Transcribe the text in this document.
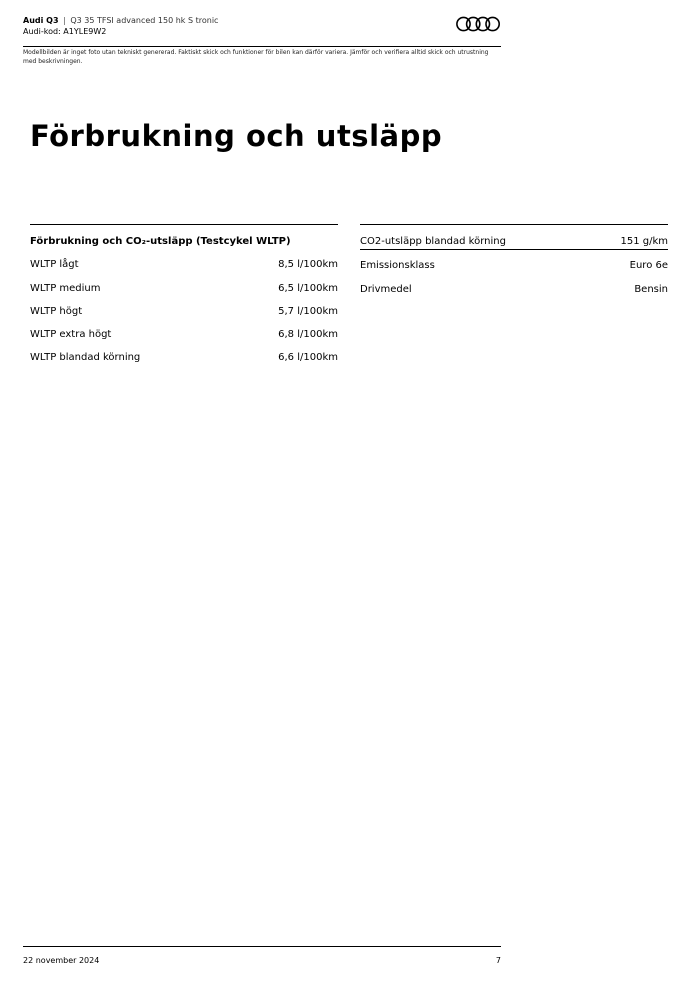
Audi Q3 | Q3 35 TFSI advanced 150 hk S tronic
Audi-kod: A1YLE9W2
Modellbilden är inget foto utan tekniskt genererad. Faktiskt skick och funktioner för bilen kan därför variera. Jämför och verifiera alltid skick och utrustning med beskrivningen.
Förbrukning och utsläpp
Förbrukning och CO₂-utsläpp (Testcykel WLTP)
WLTP lågt	8,5 l/100km
WLTP medium	6,5 l/100km
WLTP högt	5,7 l/100km
WLTP extra högt	6,8 l/100km
WLTP blandad körning	6,6 l/100km
CO2-utsläpp blandad körning	151 g/km
Emissionsklass	Euro 6e
Drivmedel	Bensin
22 november 2024	7
